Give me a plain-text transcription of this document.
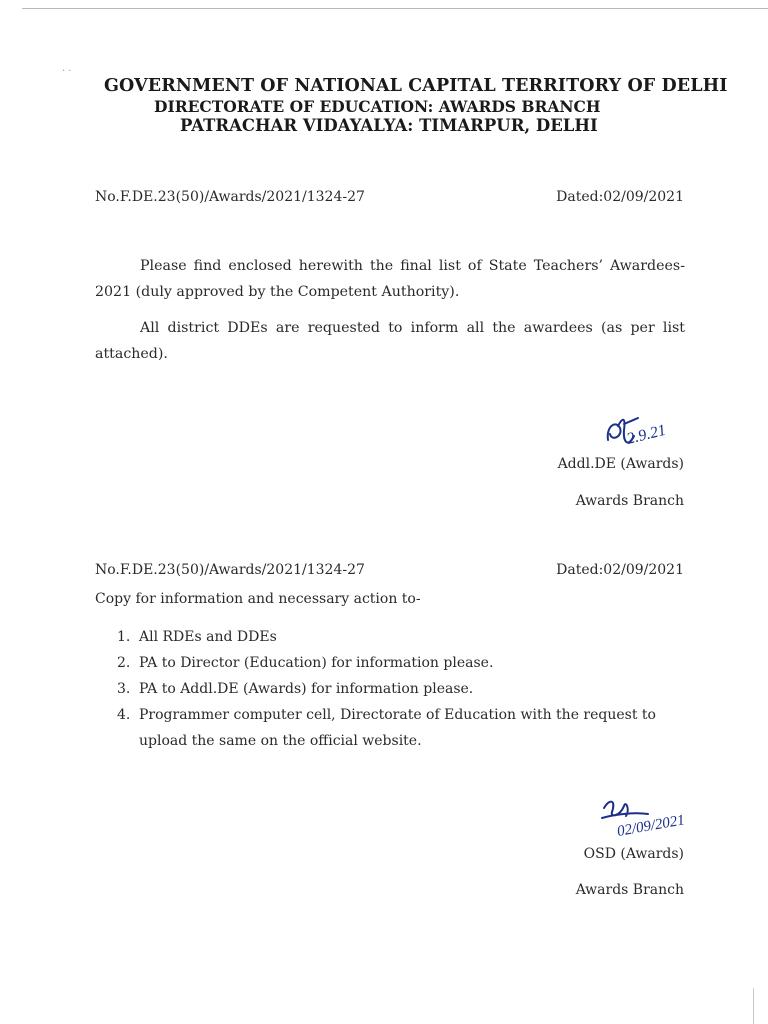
· ·
GOVERNMENT OF NATIONAL CAPITAL TERRITORY OF DELHI
DIRECTORATE OF EDUCATION: AWARDS BRANCH
PATRACHAR VIDAYALYA: TIMARPUR, DELHI
No.F.DE.23(50)/Awards/2021/1324-27	Dated:02/09/2021

Please find enclosed herewith the final list of State Teachers’ Awardees-2021 (duly approved by the Competent Authority).

All district DDEs are requested to inform all the awardees (as per list attached).

2.9.21
Addl.DE (Awards)
Awards Branch
No.F.DE.23(50)/Awards/2021/1324-27	Dated:02/09/2021
Copy for information and necessary action to-
1. All RDEs and DDEs
2. PA to Director (Education) for information please.
3. PA to Addl.DE (Awards) for information please.
4. Programmer computer cell, Directorate of Education with the request to upload the same on the official website.
02/09/2021
OSD (Awards)
Awards Branch
